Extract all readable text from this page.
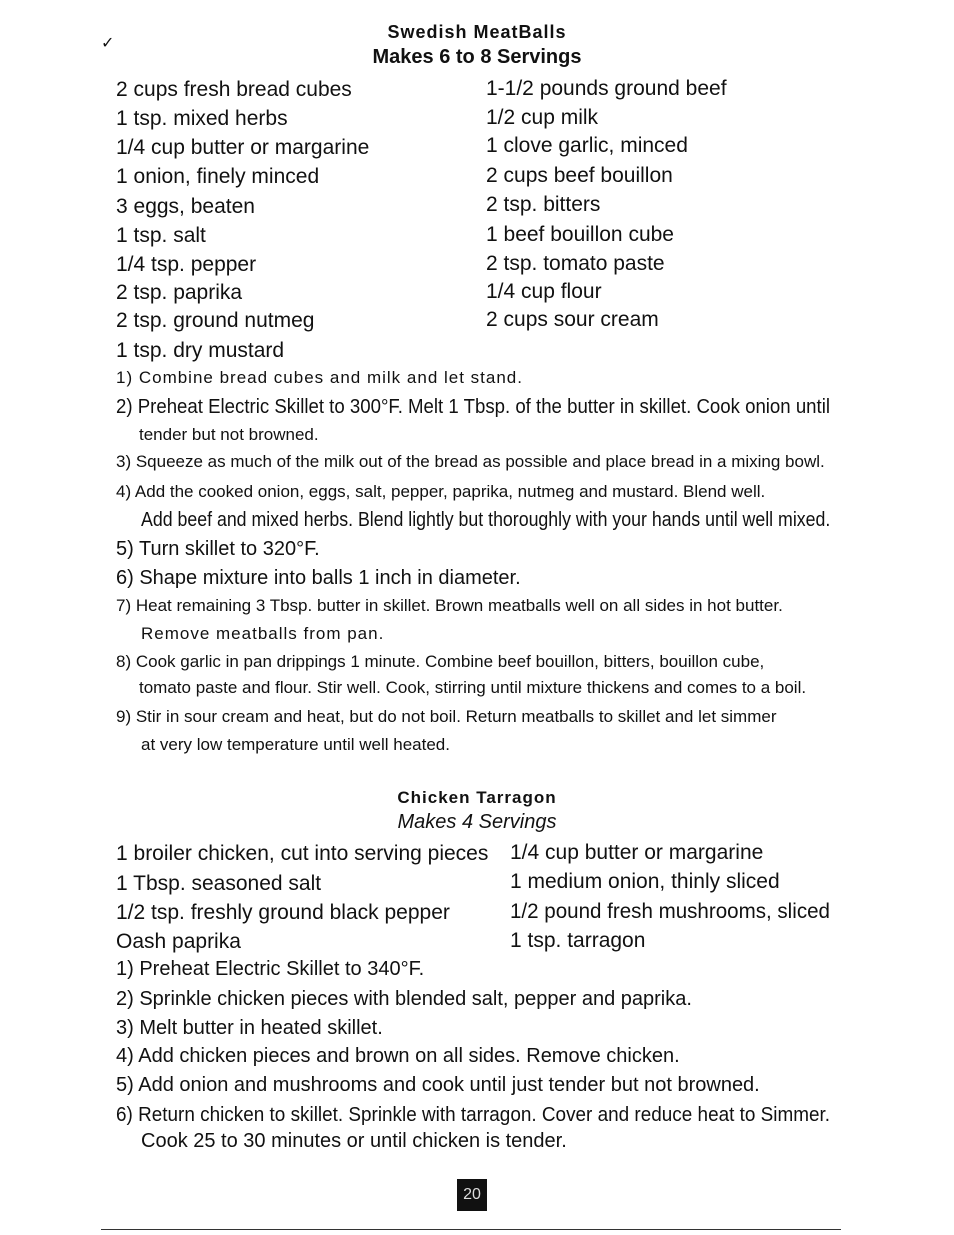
✓
Swedish MeatBalls
Makes 6 to 8 Servings
2 cups fresh bread cubes
1 tsp. mixed herbs
1/4 cup butter or margarine
1 onion, finely minced
3 eggs, beaten
1 tsp. salt
1/4 tsp. pepper
2 tsp. paprika
2 tsp. ground nutmeg
1 tsp. dry mustard
1-1/2 pounds ground beef
1/2 cup milk
1 clove garlic, minced
2 cups beef bouillon
2 tsp. bitters
1 beef bouillon cube
2 tsp. tomato paste
1/4 cup flour
2 cups sour cream
1) Combine bread cubes and milk and let stand.
2) Preheat Electric Skillet to 300°F. Melt 1 Tbsp. of the butter in skillet. Cook onion until
tender but not browned.
3) Squeeze as much of the milk out of the bread as possible and place bread in a mixing bowl.
4) Add the cooked onion, eggs, salt, pepper, paprika, nutmeg and mustard. Blend well.
Add beef and mixed herbs. Blend lightly but thoroughly with your hands until well mixed.
5) Turn skillet to 320°F.
6) Shape mixture into balls 1 inch in diameter.
7) Heat remaining 3 Tbsp. butter in skillet. Brown meatballs well on all sides in hot butter.
Remove meatballs from pan.
8) Cook garlic in pan drippings 1 minute. Combine beef bouillon, bitters, bouillon cube,
tomato paste and flour. Stir well. Cook, stirring until mixture thickens and comes to a boil.
9) Stir in sour cream and heat, but do not boil. Return meatballs to skillet and let simmer
at very low temperature until well heated.
Chicken Tarragon
Makes 4 Servings
1 broiler chicken, cut into serving pieces
1 Tbsp. seasoned salt
1/2 tsp. freshly ground black pepper
Oash paprika
1/4 cup butter or margarine
1 medium onion, thinly sliced
1/2 pound fresh mushrooms, sliced
1 tsp. tarragon
1) Preheat Electric Skillet to 340°F.
2) Sprinkle chicken pieces with blended salt, pepper and paprika.
3) Melt butter in heated skillet.
4) Add chicken pieces and brown on all sides. Remove chicken.
5) Add onion and mushrooms and cook until just tender but not browned.
6) Return chicken to skillet. Sprinkle with tarragon. Cover and reduce heat to Simmer.
Cook 25 to 30 minutes or until chicken is tender.
20
